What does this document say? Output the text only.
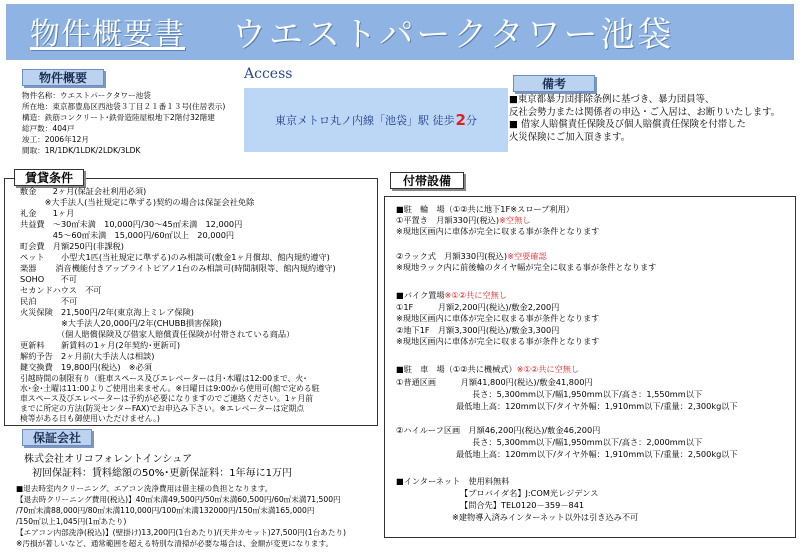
物件概要書 ウエストパークタワー池袋
物件概要
物件名称：ウエストパークタワー池袋
所在地：東京都豊島区西池袋３丁目２１番１３号(住居表示)
構造：鉄筋コンクリート･鉄骨造陸屋根地下2階付32階建
総戸数：404戸
竣工：2006年12月
間取：1R/1DK/1LDK/2LDK/3LDK
Access
東京メトロ丸ノ内線「池袋」駅 徒歩 2 分
備考
■東京都暴力団排除条例に基づき、暴力団員等、
反社会勢力または関係者の申込・ご入居は、お断りいたします。
■ 借家人賠償責任保険及び個人賠償責任保険を付帯した
火災保険にご加入頂きます。
賃貸条件
敷金　　2ヶ月(保証会社利用必須)
　　　※大手法人(当社規定に準ずる)契約の場合は保証会社免除
礼金　　1ヶ月
共益費　～30㎡未満　10,000円/30～45㎡未満　12,000円
　　　　45～60㎡未満　15,000円/60㎡以上　20,000円
町会費　月額250円(非課税)
ペット　　小型犬1匹(当社規定に準ずる)のみ相談可(敷金1ヶ月償却、館内規約遵守)
楽器　　 消音機能付きアップライトピアノ1台のみ相談可(時間制限等、館内規約遵守)
SOHO　　不可
セカンドハウス　不可
民泊　　　不可
火災保険　21,500円/2年(東京海上ミレア保険)
　　　　　※大手法人20,000円/2年(CHUBB損害保険)
　　　　　（個人賠償保険及び借家人賠償責任保険が付帯されている商品）
更新料　　新賃料の1ヶ月(2年契約･更新可)
解約予告　2ヶ月前(大手法人は相談)
鍵交換費　19,800円(税込)　※必須
引越時間の制限有り（駐車スペース及びエレベーターは月･木曜は12:00まで、火･
水･金･土曜は11:00よりご使用出来ません。※日曜日は9:00から使用可(館で定める駐
車スペース及びエレベーターは予約が必要になりますのでご連絡ください。1ヶ月前
までに所定の方法(防災センターFAX)でお申込み下さい。※エレベーターは定期点
検等がある日も御使用いただけません。)
保証会社
株式会社オリコフォレントインシュア
初回保証料：賃料総額の50%･更新保証料：1年毎に1万円
■退去時室内クリーニング、エアコン洗浄費用は借主様の負担となります。
【退去時クリーニング費用(税込)】40㎡未満49,500円/50㎡未満60,500円/60㎡未満71,500円
/70㎡未満88,000円/80㎡未満110,000円/100㎡未満132000円/150㎡未満165,000円
/150㎡以上1,045円(1㎡あたり)
【エアコン内部洗浄(税込)】(壁掛け)13,200円(1台あたり)/(天井カセット)27,500円(1台あたり)
※汚損が著しいなど、通常範囲を超える特別な清掃が必要な場合は、金額が変更になります。
付帯設備
■駐　輪　場（①②共に地下1F※スロープ利用）
①平置き　月額330円(税込)※空無し
※現地区画内に車体が完全に収まる事が条件となります
②ラック式　月額330円(税込)※空要確認
※現地ラック内に前後輪のタイヤ幅が完全に収まる事が条件となります
■バイク置場※①②共に空無し
①1F　　　月額2,200円(税込)/敷金2,200円
※現地区画内に車体が完全に収まる事が条件となります
②地下1F　月額3,300円(税込)/敷金3,300円
※現地区画内に車体が完全に収まる事が条件となります
■駐　車　場（①②共に機械式）※①②共に空無し
①普通区画　　　月額41,800円(税込)/敷金41,800円
長さ：5,300mm以下/幅1,950mm以下/高さ：1,550mm以下
最低地上高：120mm以下/タイヤ外幅：1,910mm以下/重量：2,300kg以下
②ハイルーフ区画　月額46,200円(税込)/敷金46,200円
長さ：5,300mm以下/幅1,950mm以下/高さ：2,000mm以下
最低地上高：120mm以下/タイヤ外幅：1,910mm以下/重量：2,500kg以下
■インターネット　使用料無料
【プロバイダ名】J:COM光レジデンス
【問合先】TEL0120－359－841
※建物導入済みインターネット以外は引き込み不可
